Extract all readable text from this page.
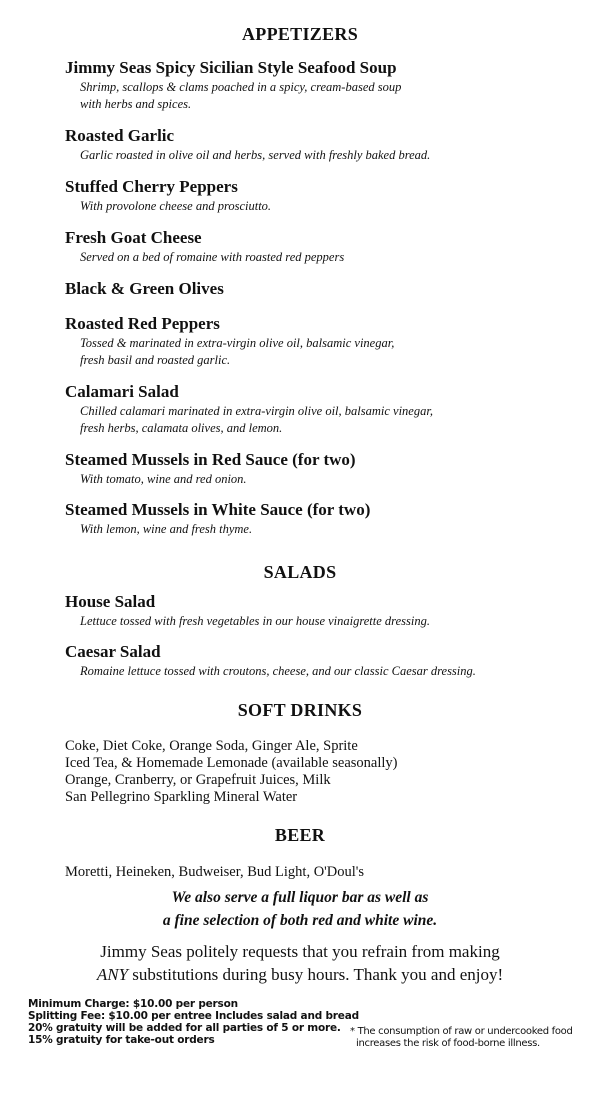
APPETIZERS
Jimmy Seas Spicy Sicilian Style Seafood Soup
Shrimp, scallops & clams poached in a spicy, cream-based soup
with herbs and spices.
Roasted Garlic
Garlic roasted in olive oil and herbs, served with freshly baked bread.
Stuffed Cherry Peppers
With provolone cheese and prosciutto.
Fresh Goat Cheese
Served on a bed of romaine with roasted red peppers
Black & Green Olives
Roasted Red Peppers
Tossed & marinated in extra-virgin olive oil, balsamic vinegar,
fresh basil and roasted garlic.
Calamari Salad
Chilled calamari marinated in extra-virgin olive oil, balsamic vinegar,
fresh herbs, calamata olives, and lemon.
Steamed Mussels in Red Sauce (for two)
With tomato, wine and red onion.
Steamed Mussels in White Sauce (for two)
With lemon, wine and fresh thyme.
SALADS
House Salad
Lettuce tossed with fresh vegetables in our house vinaigrette dressing.
Caesar Salad
Romaine lettuce tossed with croutons, cheese, and our classic Caesar dressing.
SOFT DRINKS
Coke, Diet Coke, Orange Soda, Ginger Ale, Sprite
Iced Tea, & Homemade Lemonade (available seasonally)
Orange, Cranberry, or Grapefruit Juices, Milk
San Pellegrino Sparkling Mineral Water
BEER
Moretti, Heineken, Budweiser, Bud Light, O'Doul's
We also serve a full liquor bar as well as
a fine selection of both red and white wine.
Jimmy Seas politely requests that you refrain from making
ANY substitutions during busy hours. Thank you and enjoy!
Minimum Charge: $10.00 per person
Splitting Fee: $10.00 per entree Includes salad and bread
20% gratuity will be added for all parties of 5 or more.
15% gratuity for take-out orders
* The consumption of raw or undercooked food
increases the risk of food-borne illness.
